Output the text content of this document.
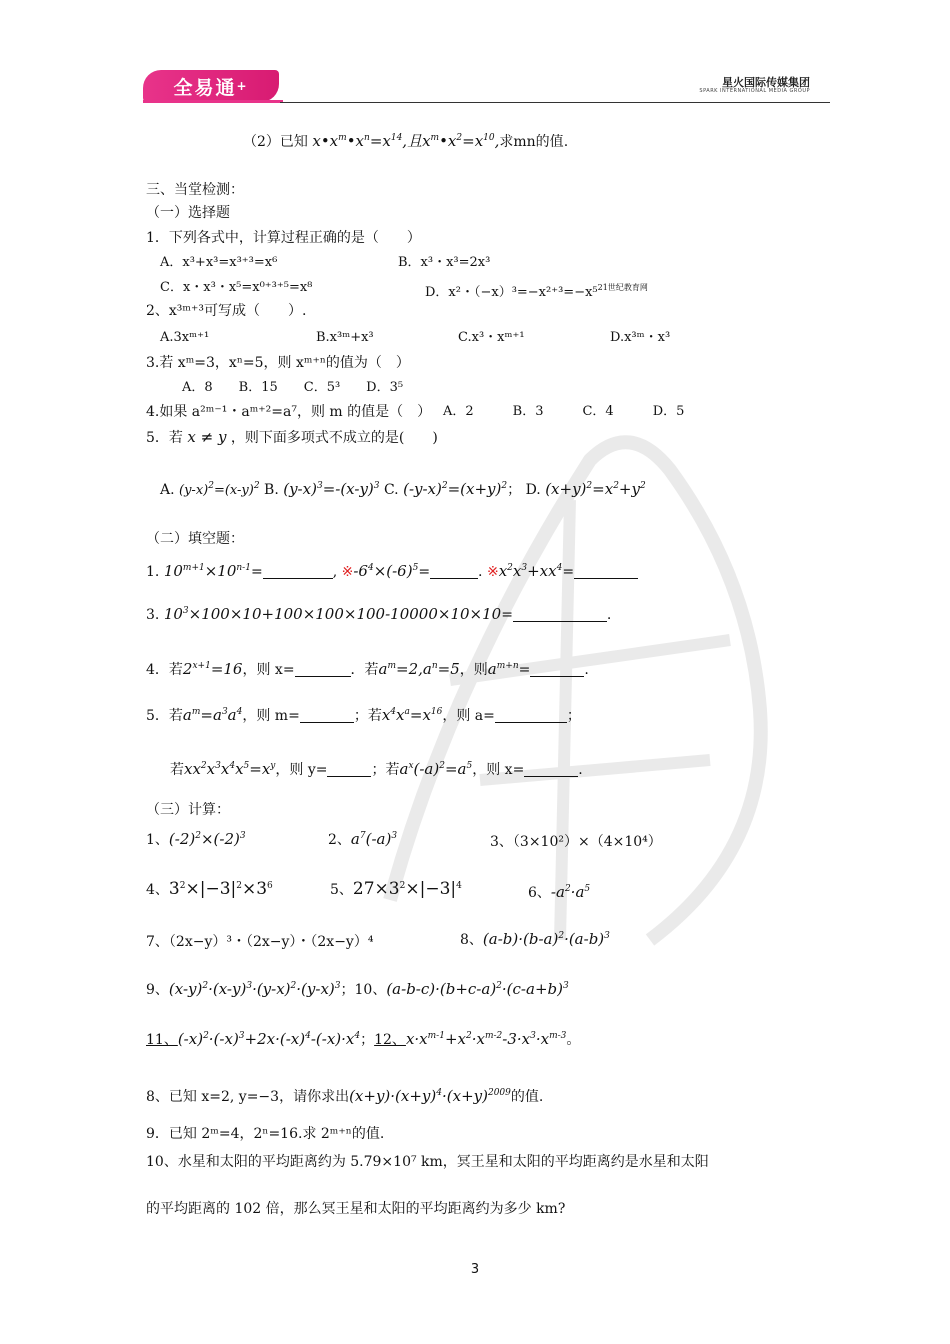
全易通 +	星火国际传媒集团
SPARK INTERNATIONAL MEDIA GROUP
（2）已知 $x•x^m•x^n=x^{14}$,且$x^m•x^2=x^{10}$,求mn的值.
三、当堂检测：
（一）选择题
1．下列各式中，计算过程正确的是（　　）
A．x³+x³=x³⁺³=x⁶	B．x³・x³=2x³
C．x・x³・x⁵=x⁰⁺³⁺⁵=x⁸	D．x²・（−x）³=−x²⁺³=−x⁵$^{21世纪教育网}$
2、x³ᵐ⁺³可写成（　　）.
A.3xᵐ⁺¹	B.x³ᵐ+x³	C.x³・xᵐ⁺¹	D.x³ᵐ・x³
3.若 xᵐ=3，xⁿ=5，则 xᵐ⁺ⁿ的值为（　）
A．8　　B．15　　C．5³　　D．3⁵
4.如果 a²ᵐ⁻¹・aᵐ⁺²=a⁷，则 m 的值是（　） A．2　　　B．3　　　C．4　　　D．5
5．若 x ≠ y ，则下面多项式不成立的是(　　)
A. $(y-x)^2=(x-y)^2$ B. $(y-x)^3=-(x-y)^3$ C. $(-y-x)^2=(x+y)^2$； D. $(x+y)^2=x^2+y^2$
（二）填空题：
1. $10^{m+1}\times 10^{n-1}=$	, $※-6^4\times(-6)^5=$	. $※x^2x^3+xx^4=$
3. $10^3\times 100\times 10+100\times 100\times 100-10000\times 10\times 10=$	.
4．若$2^{x+1}=16$，则 x=	．若$a^m=2,a^n=5$，则$a^{m+n}=$	.
5．若$a^m=a^3a^4$，则 m=	；若$x^4x^a=x^{16}$，则 a=	；
若$xx^2x^3x^4x^5=x^y$，则 y=	；若$a^x(-a)^2=a^5$，则 x=	.
（三）计算：
1、$(-2)^2\times(-2)^3$	2、$a^7(-a)^3$	3、（3×10²）×（4×10⁴）
4、$3^2\times|-3|^2\times 3^6$	5、$27\times 3^2\times|-3|^4$	6、$-a^2\cdot a^5$
7、（2x−y）³・（2x−y）・（2x−y）⁴	8、$(a-b)\cdot(b-a)^2\cdot(a-b)^3$
9、$(x-y)^2\cdot(x-y)^3\cdot(y-x)^2\cdot(y-x)^3$；10、$(a-b-c)\cdot(b+c-a)^2\cdot(c-a+b)^3$
11、$(-x)^2\cdot(-x)^3+2x\cdot(-x)^4-(-x)\cdot x^4$；12、$x\cdot x^{m-1}+x^2\cdot x^{m-2}-3\cdot x^3\cdot x^{m-3}$。
8、已知 x=2, y=−3，请你求出$(x+y)\cdot(x+y)^4\cdot(x+y)^{2009}$的值.
9．已知 2ᵐ=4，2ⁿ=16.求 2ᵐ⁺ⁿ的值.
10、水星和太阳的平均距离约为 5.79×10⁷ km，冥王星和太阳的平均距离约是水星和太阳
的平均距离的 102 倍，那么冥王星和太阳的平均距离约为多少 km?
3
